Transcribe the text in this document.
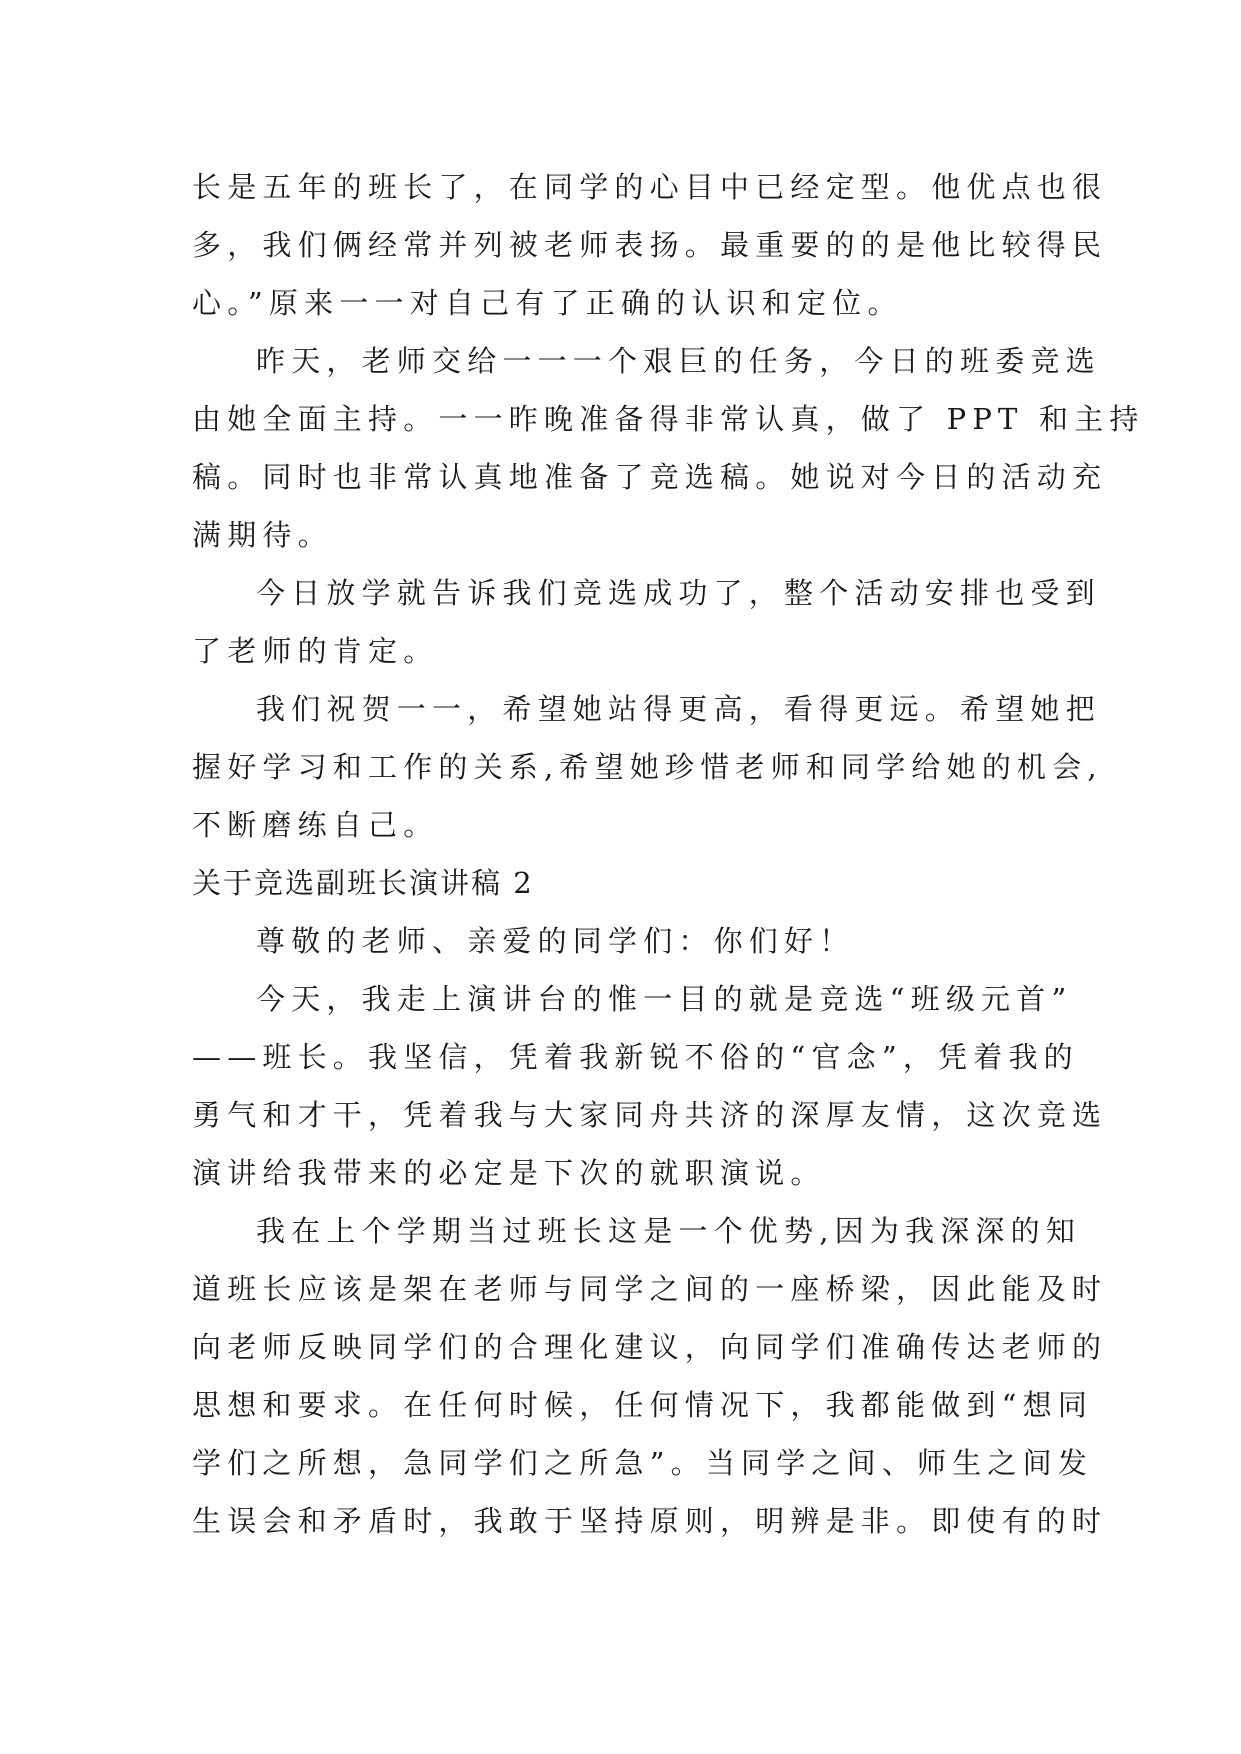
长是五年的班长了，在同学的心目中已经定型。他优点也很
多，我们俩经常并列被老师表扬。最重要的的是他比较得民
心。”原来一一对自己有了正确的认识和定位。
昨天，老师交给一一一个艰巨的任务，今日的班委竞选
由她全面主持。一一昨晚准备得非常认真，做了 PPT 和主持
稿。同时也非常认真地准备了竞选稿。她说对今日的活动充
满期待。
今日放学就告诉我们竞选成功了，整个活动安排也受到
了老师的肯定。
我们祝贺一一，希望她站得更高，看得更远。希望她把
握好学习和工作的关系,希望她珍惜老师和同学给她的机会,
不断磨练自己。
关于竞选副班长演讲稿 2
尊敬的老师、亲爱的同学们：你们好！
今天，我走上演讲台的惟一目的就是竞选“班级元首”
——班长。我坚信，凭着我新锐不俗的“官念”，凭着我的
勇气和才干，凭着我与大家同舟共济的深厚友情，这次竞选
演讲给我带来的必定是下次的就职演说。
我在上个学期当过班长这是一个优势,因为我深深的知
道班长应该是架在老师与同学之间的一座桥梁，因此能及时
向老师反映同学们的合理化建议，向同学们准确传达老师的
思想和要求。在任何时候，任何情况下，我都能做到“想同
学们之所想，急同学们之所急”。当同学之间、师生之间发
生误会和矛盾时，我敢于坚持原则，明辨是非。即使有的时
